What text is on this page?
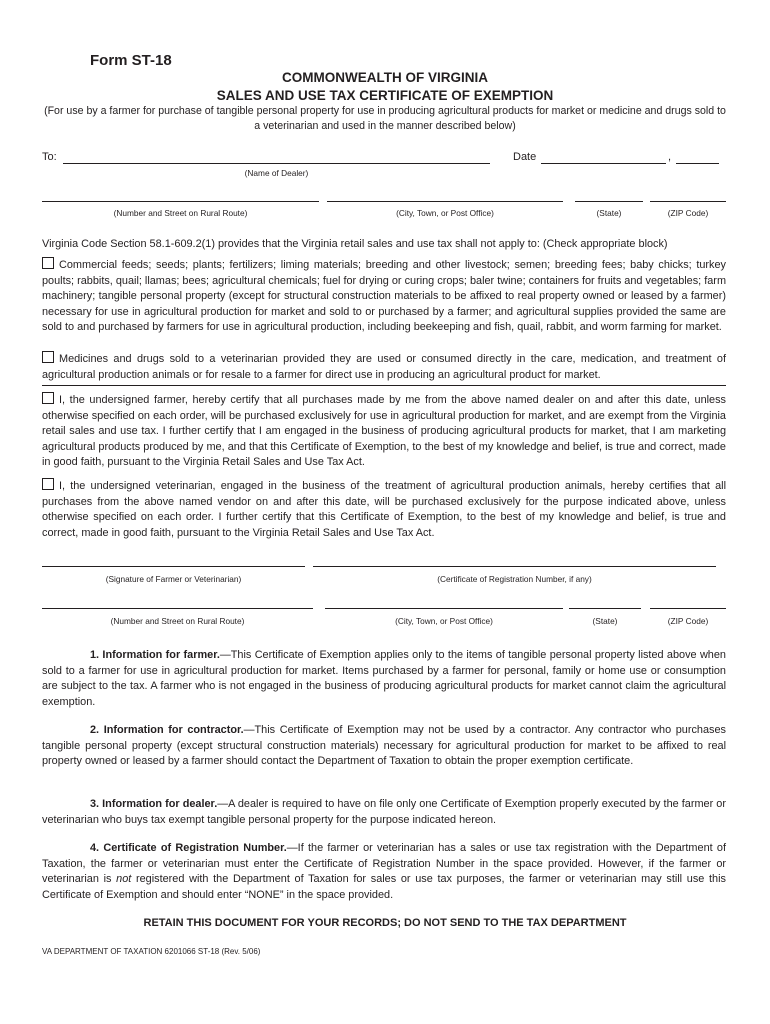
Form ST-18
COMMONWEALTH OF VIRGINIA
SALES AND USE TAX CERTIFICATE OF EXEMPTION
(For use by a farmer for purchase of tangible personal property for use in producing agricultural products for market or medicine and drugs sold to a veterinarian and used in the manner described below)
To:	Date	,
(Name of Dealer)
(Number and Street on Rural Route)	(City, Town, or Post Office)	(State)	(ZIP Code)
Virginia Code Section 58.1-609.2(1) provides that the Virginia retail sales and use tax shall not apply to: (Check appropriate block)
Commercial feeds; seeds; plants; fertilizers; liming materials; breeding and other livestock; semen; breeding fees; baby chicks; turkey poults; rabbits, quail; llamas; bees; agricultural chemicals; fuel for drying or curing crops; baler twine; containers for fruits and vegetables; farm machinery; tangible personal property (except for structural construction materials to be affixed to real property owned or leased by a farmer) necessary for use in agricultural production for market and sold to or purchased by a farmer; and agricultural supplies provided the same are sold to and purchased by farmers for use in agricultural production, including beekeeping and fish, quail, rabbit, and worm farming for market.
Medicines and drugs sold to a veterinarian provided they are used or consumed directly in the care, medication, and treatment of agricultural production animals or for resale to a farmer for direct use in producing an agricultural product for market.
I, the undersigned farmer, hereby certify that all purchases made by me from the above named dealer on and after this date, unless otherwise specified on each order, will be purchased exclusively for use in agricultural production for market, and are exempt from the Virginia retail sales and use tax. I further certify that I am engaged in the business of producing agricultural products for market, that I am marketing agricultural products produced by me, and that this Certificate of Exemption, to the best of my knowledge and belief, is true and correct, made in good faith, pursuant to the Virginia Retail Sales and Use Tax Act.
I, the undersigned veterinarian, engaged in the business of the treatment of agricultural production animals, hereby certifies that all purchases from the above named vendor on and after this date, will be purchased exclusively for the purpose indicated above, unless otherwise specified on each order. I further certify that this Certificate of Exemption, to the best of my knowledge and belief, is true and correct, made in good faith, pursuant to the Virginia Retail Sales and Use Tax Act.
(Signature of Farmer or Veterinarian)	(Certificate of Registration Number, if any)
(Number and Street on Rural Route)	(City, Town, or Post Office)	(State)	(ZIP Code)
1. Information for farmer.—This Certificate of Exemption applies only to the items of tangible personal property listed above when sold to a farmer for use in agricultural production for market. Items purchased by a farmer for personal, family or home use or consumption are subject to the tax. A farmer who is not engaged in the business of producing agricultural products for market cannot claim the agricultural exemption.
2. Information for contractor.—This Certificate of Exemption may not be used by a contractor. Any contractor who purchases tangible personal property (except structural construction materials) necessary for agricultural production for market to be affixed to real property owned or leased by a farmer should contact the Department of Taxation to obtain the proper exemption certificate.
3. Information for dealer.—A dealer is required to have on file only one Certificate of Exemption properly executed by the farmer or veterinarian who buys tax exempt tangible personal property for the purpose indicated hereon.
4. Certificate of Registration Number.—If the farmer or veterinarian has a sales or use tax registration with the Department of Taxation, the farmer or veterinarian must enter the Certificate of Registration Number in the space provided. However, if the farmer or veterinarian is not registered with the Department of Taxation for sales or use tax purposes, the farmer or veterinarian may still use this Certificate of Exemption and should enter “NONE” in the space provided.
RETAIN THIS DOCUMENT FOR YOUR RECORDS; DO NOT SEND TO THE TAX DEPARTMENT
VA DEPARTMENT OF TAXATION 6201066 ST-18 (Rev. 5/06)
